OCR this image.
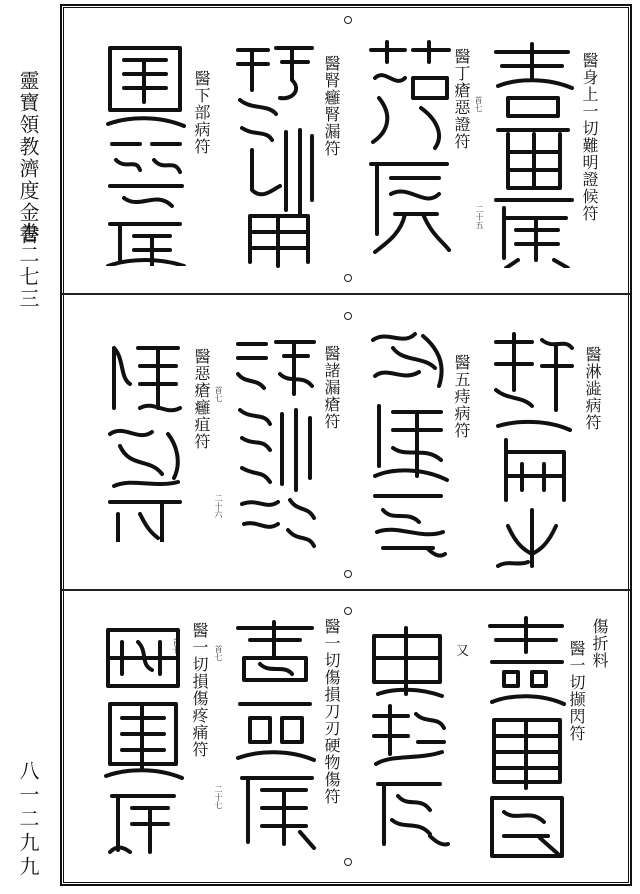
靈寶領教濟度金書
卷二七三
八一二九九
醫身上一切難明證候符
二十五
醫丁瘡惡證符 首七
醫腎癰腎漏符
醫下部病符
醫淋澁病符
醫五痔病符
醫諸漏瘡符
二十六
醫惡瘡癰疽符 首七
傷折料
醫一切撷閃符
又
醫一切傷損刀刃硬物傷符
二十七
首七
醫一切損傷疼痛符
首七
